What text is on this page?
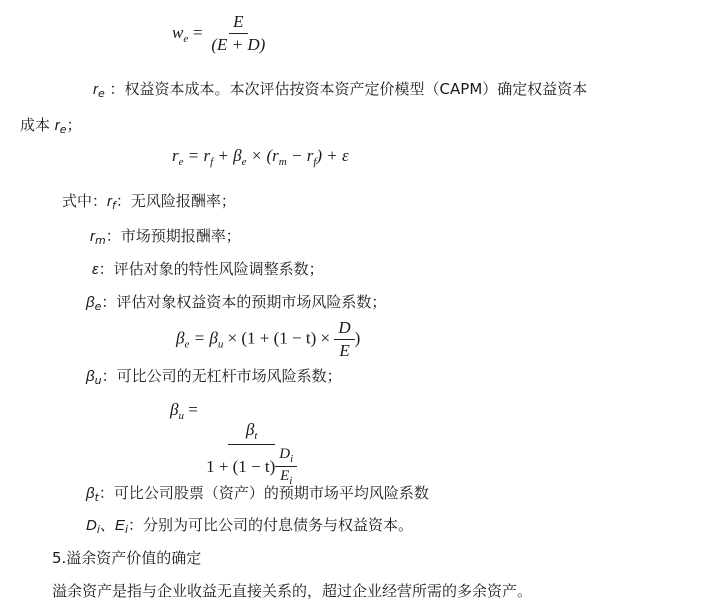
$w_e = \frac{E}{(E + D)}$
$r_e$ ：权益资本成本。本次评估按资本资产定价模型（CAPM）确定权益资本
成本 $r_e$；
$r_e = r_f + \beta_e \times (r_m - r_f) + \varepsilon$
式中：$r_f$：无风险报酬率；
$r_m$：市场预期报酬率；
ε：评估对象的特性风险调整系数；
$\beta_e$：评估对象权益资本的预期市场风险系数；
$\beta_e = \beta_u \times (1 + (1 - t) \times \frac{D}{E}$ )
$\beta_u$：可比公司的无杠杆市场风险系数；
$\beta_u$ =
$\frac{\beta_t}{1 + (1 - t) \frac{D_i}{E_i}}$
$\beta_t$：可比公司股票（资产）的预期市场平均风险系数
$D_i$、$E_i$：分别为可比公司的付息债务与权益资本。
5.溢余资产价值的确定
溢余资产是指与企业收益无直接关系的，超过企业经营所需的多余资产。
